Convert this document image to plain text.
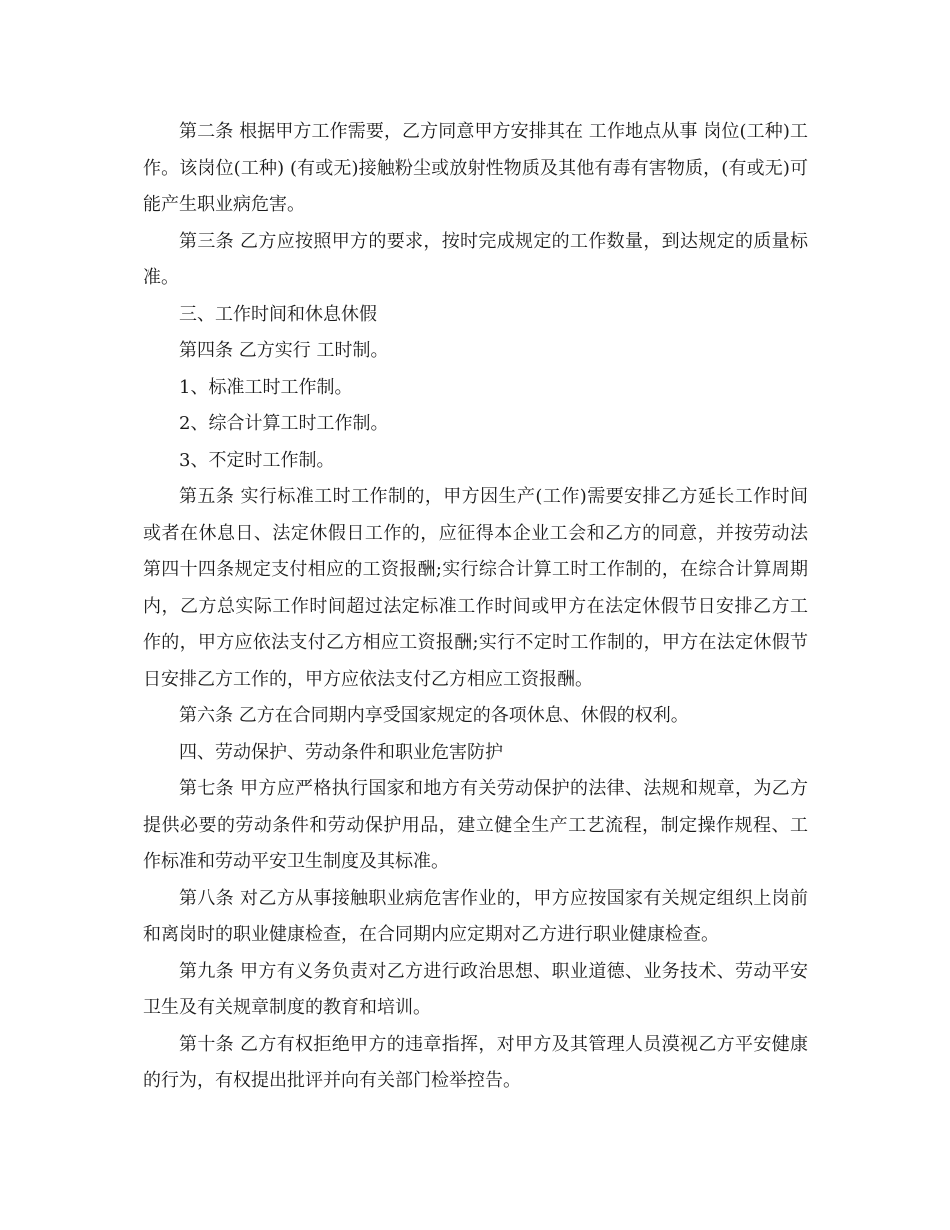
第二条 根据甲方工作需要，乙方同意甲方安排其在 工作地点从事 岗位(工种)工作。该岗位(工种) (有或无)接触粉尘或放射性物质及其他有毒有害物质，(有或无)可能产生职业病危害。

第三条 乙方应按照甲方的要求，按时完成规定的工作数量，到达规定的质量标准。

三、工作时间和休息休假

第四条 乙方实行 工时制。

1、标准工时工作制。

2、综合计算工时工作制。

3、不定时工作制。

第五条 实行标准工时工作制的，甲方因生产(工作)需要安排乙方延长工作时间或者在休息日、法定休假日工作的，应征得本企业工会和乙方的同意，并按劳动法第四十四条规定支付相应的工资报酬;实行综合计算工时工作制的，在综合计算周期内，乙方总实际工作时间超过法定标准工作时间或甲方在法定休假节日安排乙方工作的，甲方应依法支付乙方相应工资报酬;实行不定时工作制的，甲方在法定休假节日安排乙方工作的，甲方应依法支付乙方相应工资报酬。

第六条 乙方在合同期内享受国家规定的各项休息、休假的权利。

四、劳动保护、劳动条件和职业危害防护

第七条 甲方应严格执行国家和地方有关劳动保护的法律、法规和规章，为乙方提供必要的劳动条件和劳动保护用品，建立健全生产工艺流程，制定操作规程、工作标准和劳动平安卫生制度及其标准。

第八条 对乙方从事接触职业病危害作业的，甲方应按国家有关规定组织上岗前和离岗时的职业健康检查，在合同期内应定期对乙方进行职业健康检查。

第九条 甲方有义务负责对乙方进行政治思想、职业道德、业务技术、劳动平安卫生及有关规章制度的教育和培训。

第十条 乙方有权拒绝甲方的违章指挥，对甲方及其管理人员漠视乙方平安健康的行为，有权提出批评并向有关部门检举控告。
